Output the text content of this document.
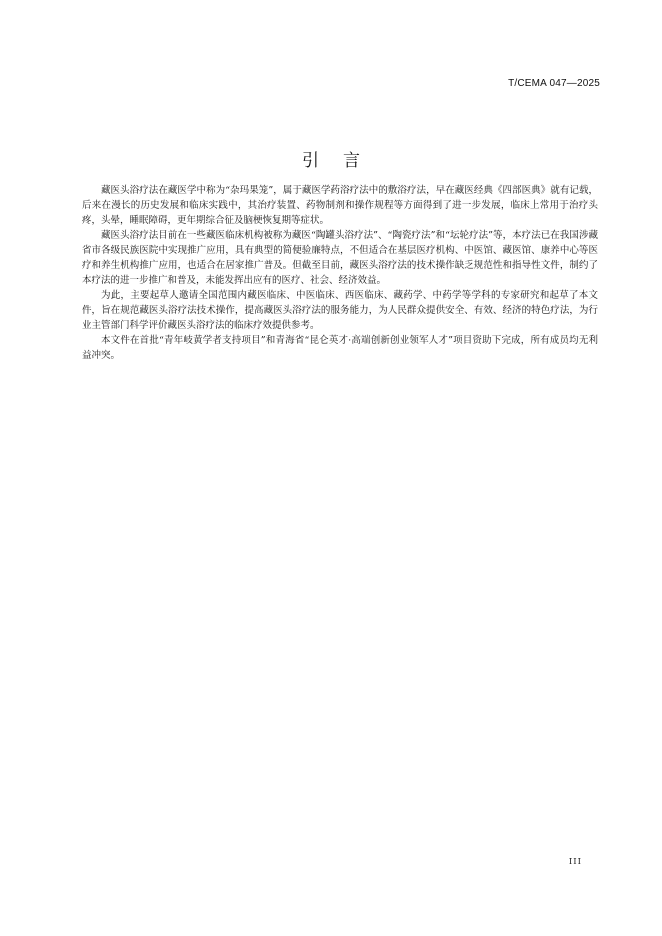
T/CEMA 047—2025
引言

藏医头浴疗法在藏医学中称为“杂玛果笼”，属于藏医学药浴疗法中的敷浴疗法，早在藏医经典《四部医典》就有记载，后来在漫长的历史发展和临床实践中，其治疗装置、药物制剂和操作规程等方面得到了进一步发展，临床上常用于治疗头疼，头晕，睡眠障碍，更年期综合征及脑梗恢复期等症状。

藏医头浴疗法目前在一些藏医临床机构被称为藏医“陶罐头浴疗法”、“陶瓷疗法”和“坛轮疗法”等，本疗法已在我国涉藏省市各级民族医院中实现推广应用，具有典型的简便验廉特点，不但适合在基层医疗机构、中医馆、藏医馆、康养中心等医疗和养生机构推广应用，也适合在居家推广普及。但截至目前，藏医头浴疗法的技术操作缺乏规范性和指导性文件，制约了本疗法的进一步推广和普及，未能发挥出应有的医疗、社会、经济效益。

为此，主要起草人邀请全国范围内藏医临床、中医临床、西医临床、藏药学、中药学等学科的专家研究和起草了本文件，旨在规范藏医头浴疗法技术操作，提高藏医头浴疗法的服务能力，为人民群众提供安全、有效、经济的特色疗法，为行业主管部门科学评价藏医头浴疗法的临床疗效提供参考。

本文件在首批“青年岐黄学者支持项目”和青海省“昆仑英才·高端创新创业领军人才”项目资助下完成，所有成员均无利益冲突。

III
